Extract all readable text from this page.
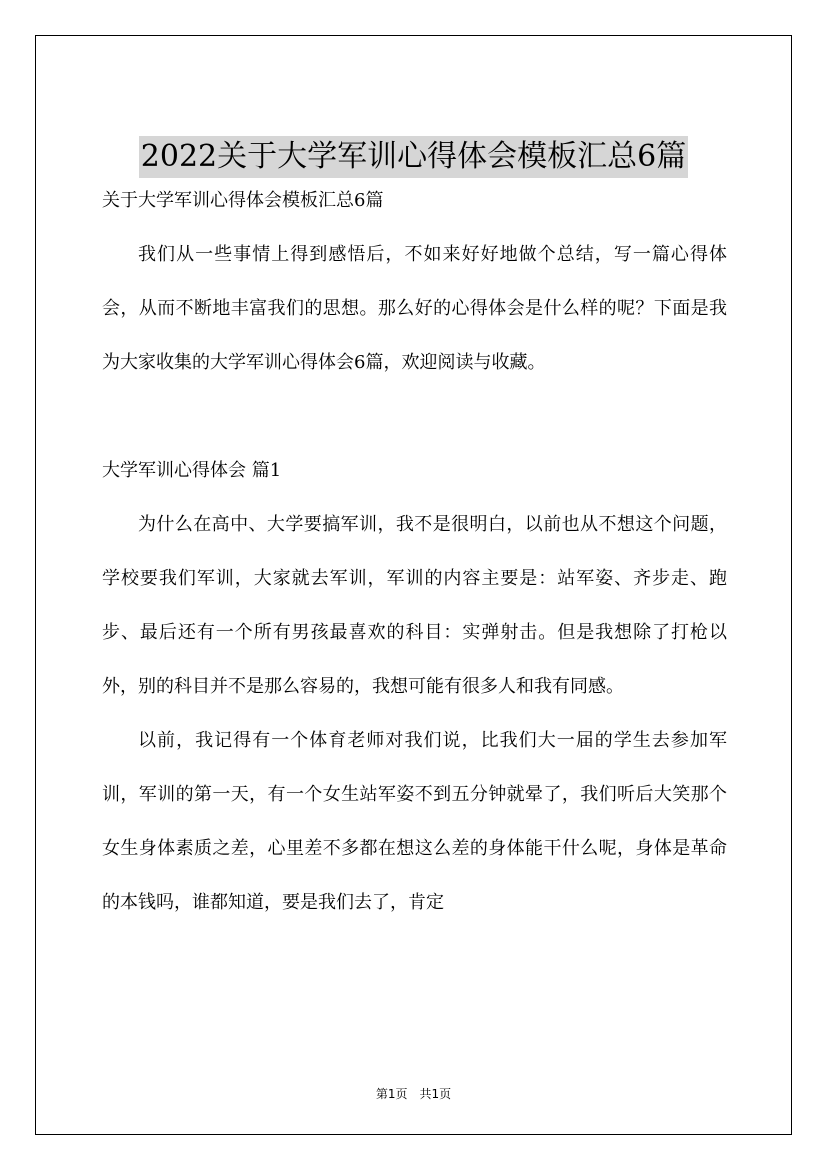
2022关于大学军训心得体会模板汇总6篇

关于大学军训心得体会模板汇总6篇

我们从一些事情上得到感悟后，不如来好好地做个总结，写一篇心得体会，从而不断地丰富我们的思想。那么好的心得体会是什么样的呢？下面是我为大家收集的大学军训心得体会6篇，欢迎阅读与收藏。

大学军训心得体会 篇1

为什么在高中、大学要搞军训，我不是很明白，以前也从不想这个问题，学校要我们军训，大家就去军训，军训的内容主要是：站军姿、齐步走、跑步、最后还有一个所有男孩最喜欢的科目：实弹射击。但是我想除了打枪以外，别的科目并不是那么容易的，我想可能有很多人和我有同感。

以前，我记得有一个体育老师对我们说，比我们大一届的学生去参加军训，军训的第一天，有一个女生站军姿不到五分钟就晕了，我们听后大笑那个女生身体素质之差，心里差不多都在想这么差的身体能干什么呢，身体是革命的本钱吗，谁都知道，要是我们去了，肯定

第1页　共1页
